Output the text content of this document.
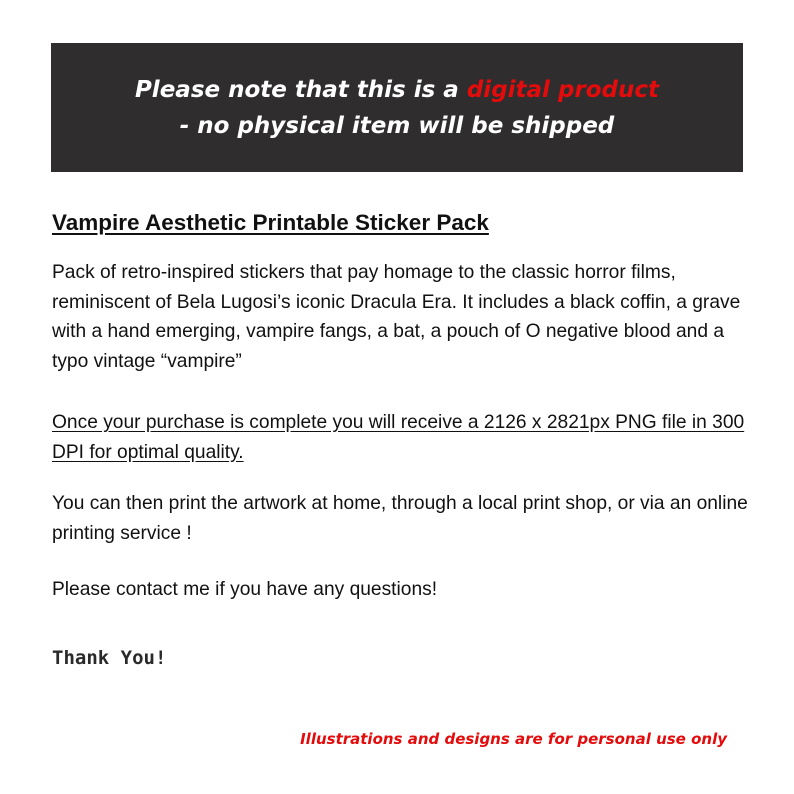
Please note that this is a digital product
- no physical item will be shipped
Vampire Aesthetic Printable Sticker Pack
Pack of retro-inspired stickers that pay homage to the classic horror films, reminiscent of Bela Lugosi’s iconic Dracula Era. It includes a black coffin, a grave with a hand emerging, vampire fangs, a bat, a pouch of O negative blood and a typo vintage “vampire”
Once your purchase is complete you will receive a 2126 x 2821px PNG file in 300 DPI for optimal quality.
You can then print the artwork at home, through a local print shop, or via an online printing service !
Please contact me if you have any questions!
Thank You!
Illustrations and designs are for personal use only
